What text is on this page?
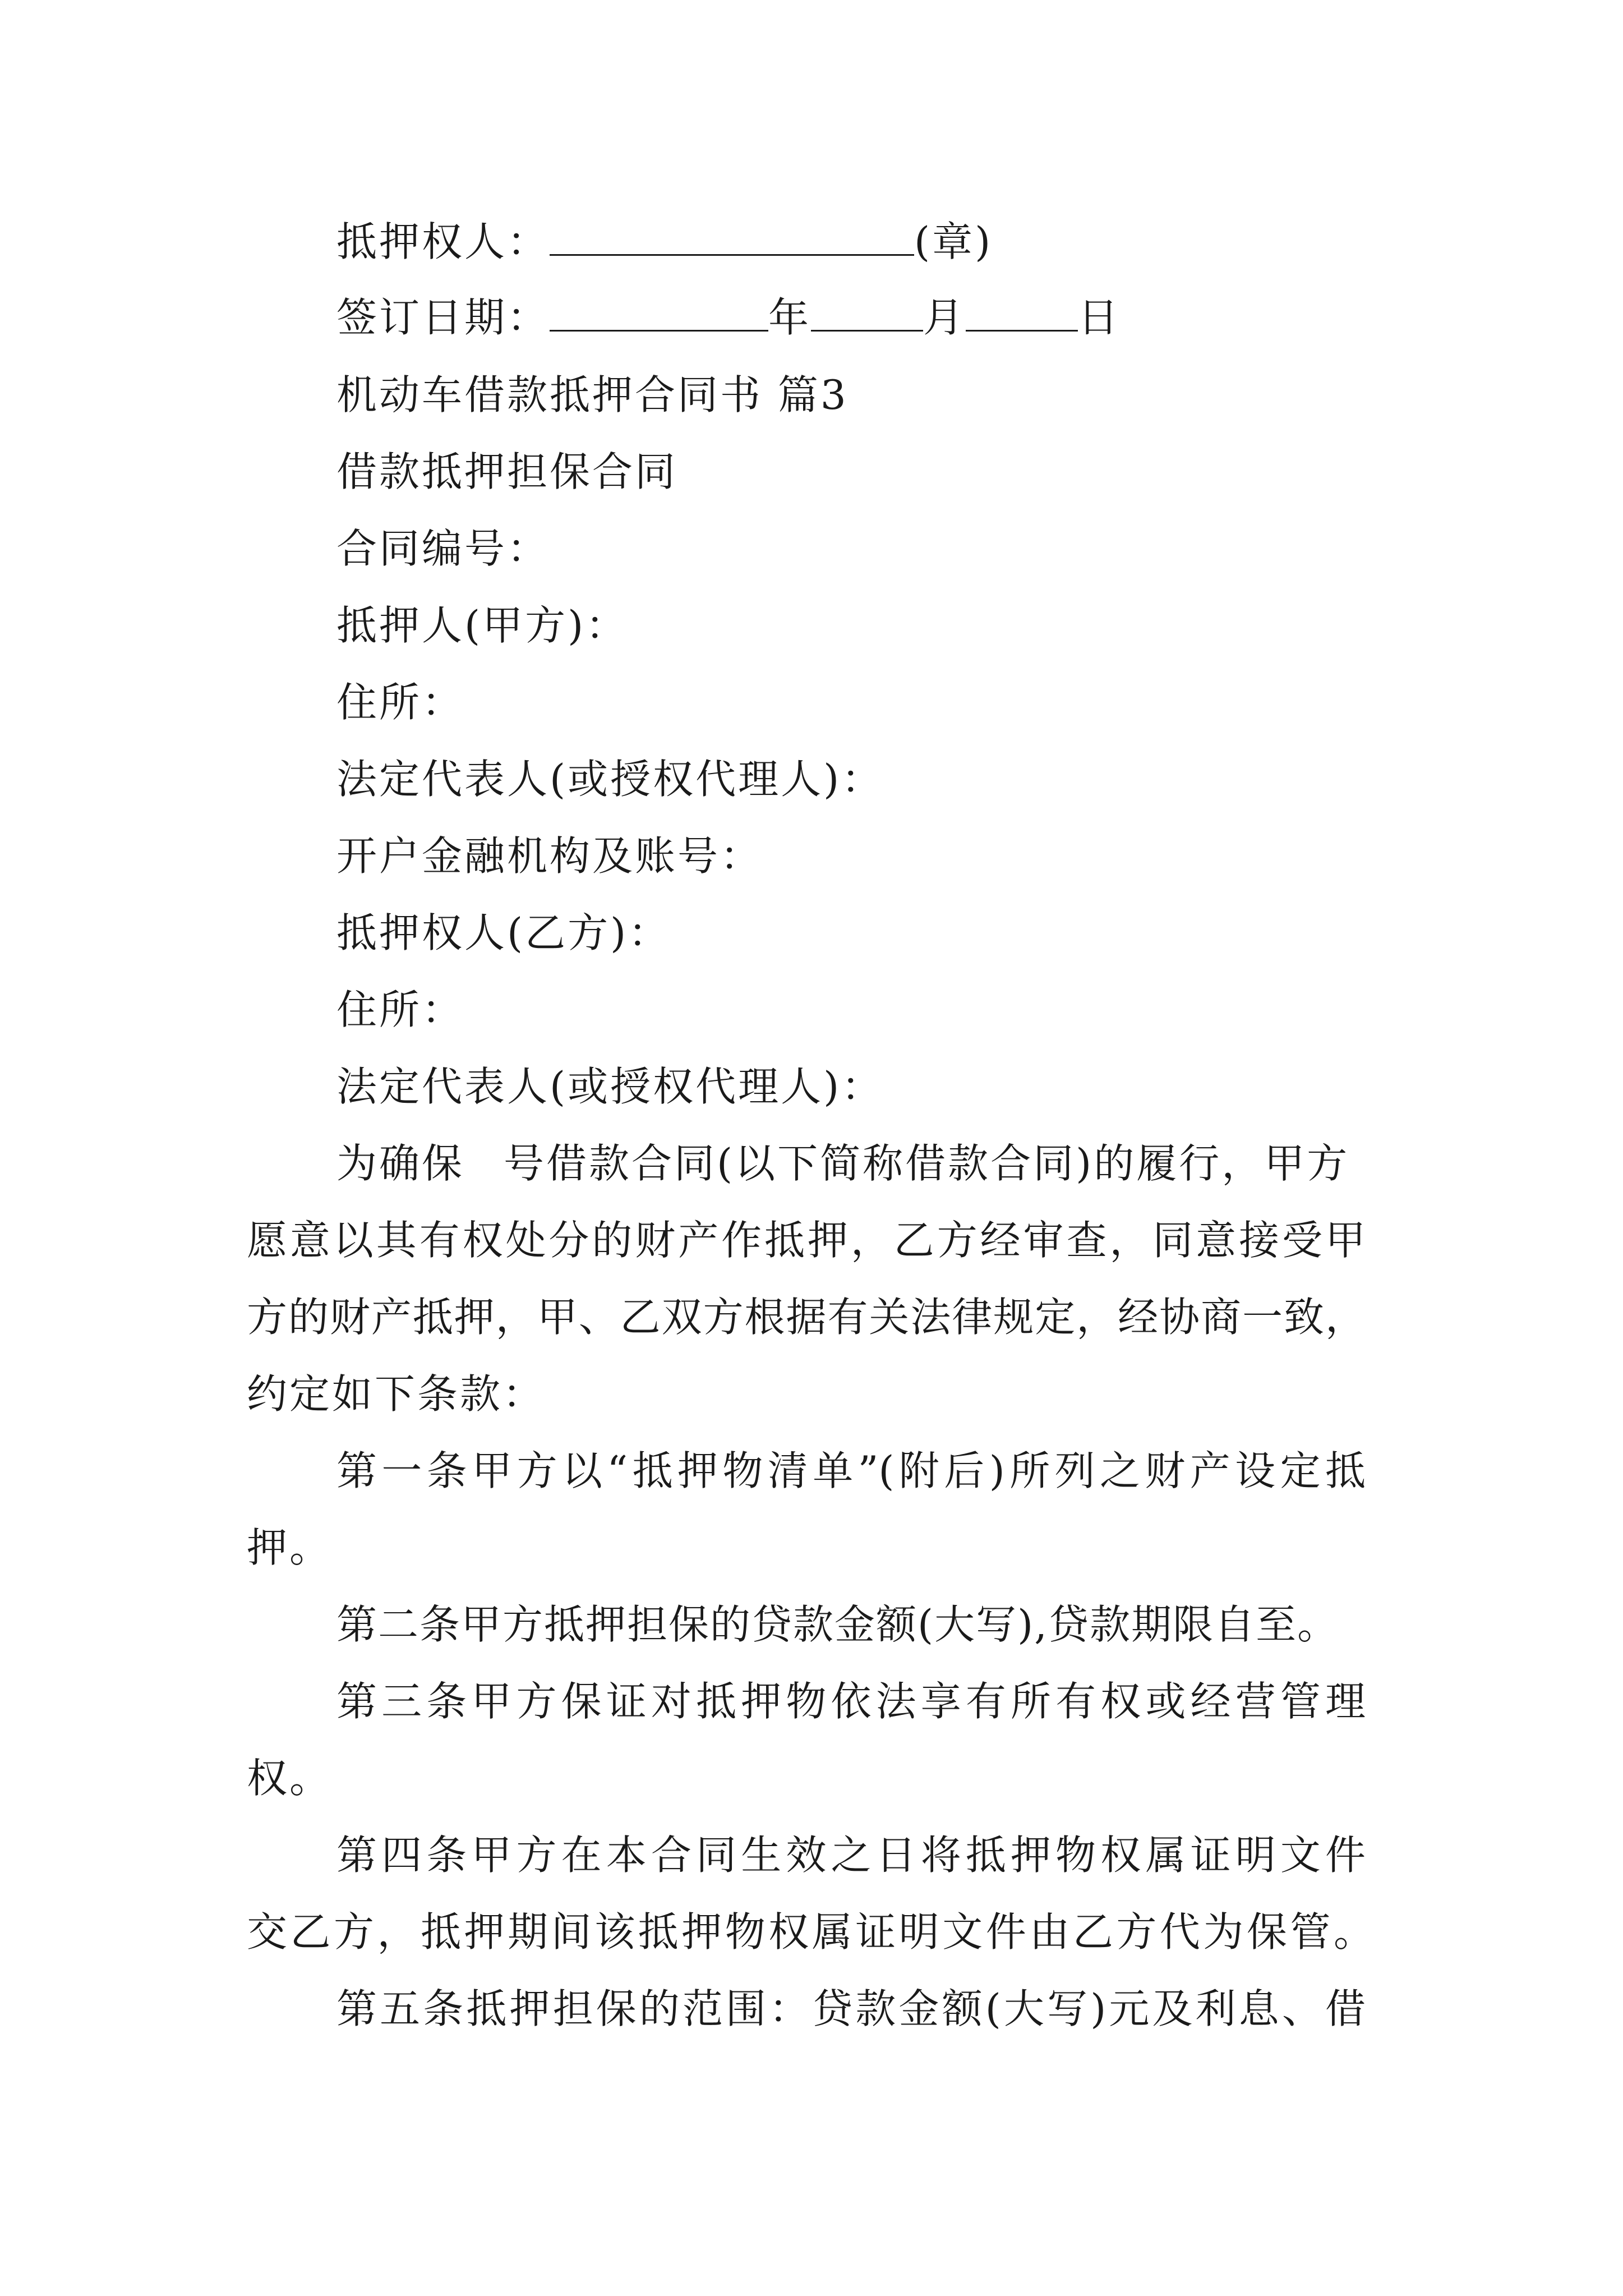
抵押权人：	(章)
签订日期：	年	月	日
机动车借款抵押合同书 篇3
借款抵押担保合同
合同编号：
抵押人(甲方)：
住所：
法定代表人(或授权代理人)：
开户金融机构及账号：
抵押权人(乙方)：
住所：
法定代表人(或授权代理人)：
为确保 号借款合同(以下简称借款合同)的履行，甲方
愿意以其有权处分的财产作抵押，乙方经审查，同意接受甲
方的财产抵押，甲、乙双方根据有关法律规定，经协商一致，
约定如下条款：
第一条甲方以“抵押物清单”(附后)所列之财产设定抵
押。
第二条甲方抵押担保的贷款金额(大写),贷款期限自至。
第三条甲方保证对抵押物依法享有所有权或经营管理
权。
第四条甲方在本合同生效之日将抵押物权属证明文件
交乙方，抵押期间该抵押物权属证明文件由乙方代为保管。
第五条抵押担保的范围：贷款金额(大写)元及利息、借
